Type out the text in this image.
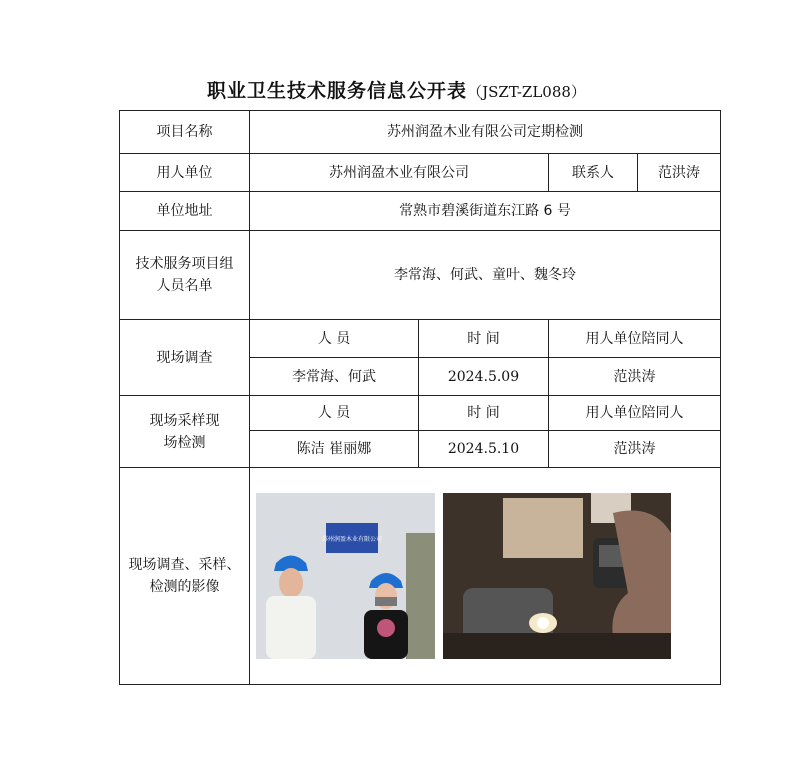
职业卫生技术服务信息公开表（JSZT-ZL088）
项目名称	苏州润盈木业有限公司定期检测			
用人单位	苏州润盈木业有限公司		联系人	范洪涛
单位地址	常熟市碧溪街道东江路 6 号			
技术服务项目组人员名单	李常海、何武、童叶、魏冬玲			
现场调查	人 员	时 间	用人单位陪同人	
	李常海、何武	2024.5.09	范洪涛	
现场采样现场检测	人 员	时 间	用人单位陪同人	
	陈洁 崔丽娜	2024.5.10	范洪涛	
现场调查、采样、检测的影像	苏州润盈木业有限公司			
